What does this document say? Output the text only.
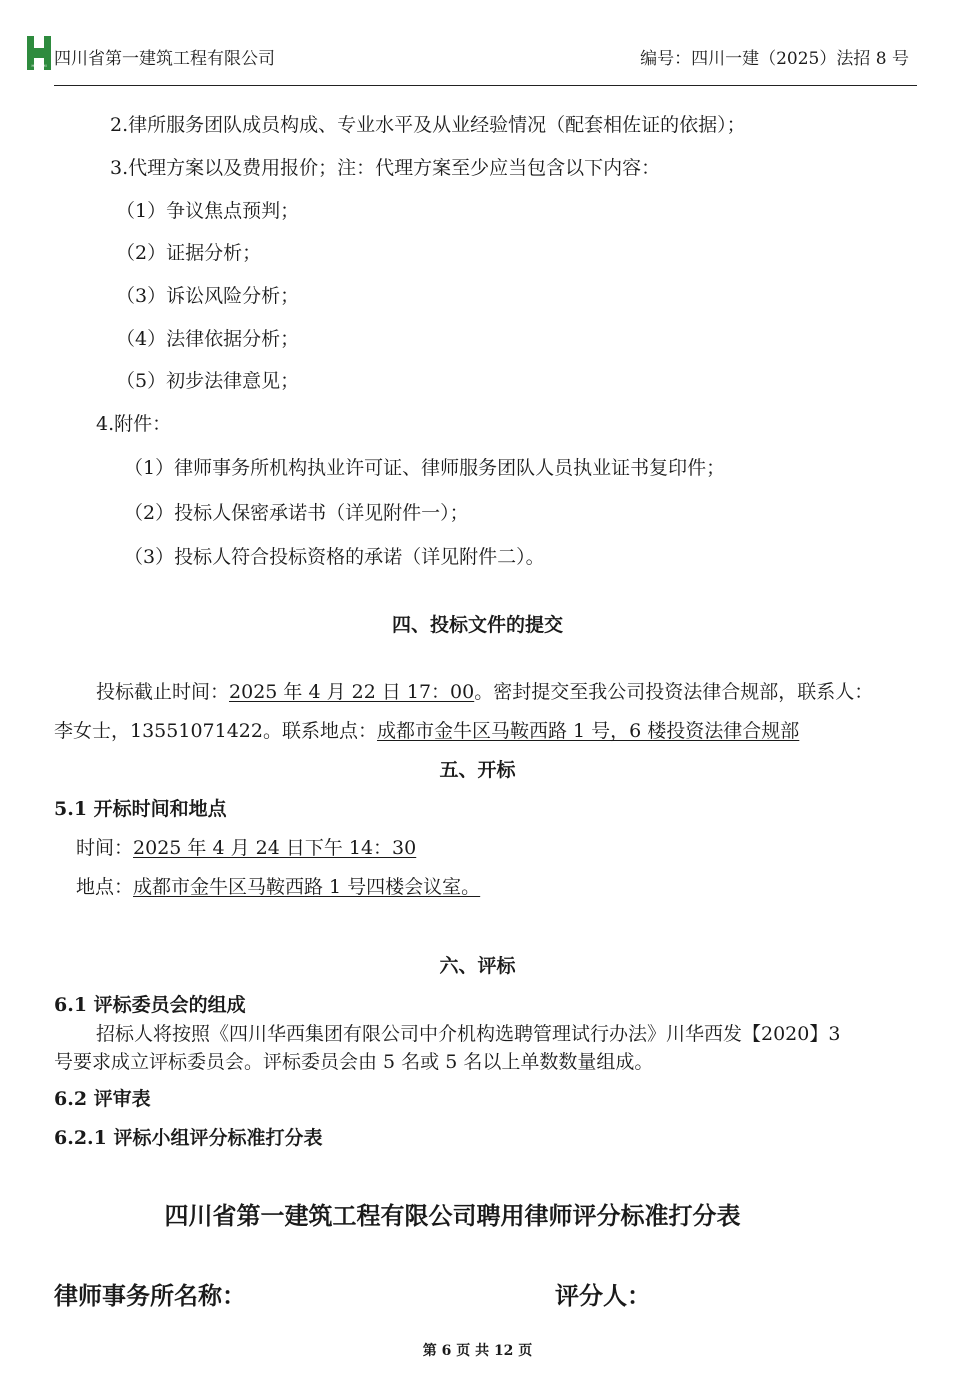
HUASHI 四川省第一建筑工程有限公司	编号：四川一建（2025）法招 8 号
2.律所服务团队成员构成、专业水平及从业经验情况（配套相佐证的依据）；
3.代理方案以及费用报价；注：代理方案至少应当包含以下内容：
（1）争议焦点预判；
（2）证据分析；
（3）诉讼风险分析；
（4）法律依据分析；
（5）初步法律意见；
4.附件：
（1）律师事务所机构执业许可证、律师服务团队人员执业证书复印件；
（2）投标人保密承诺书（详见附件一）；
（3）投标人符合投标资格的承诺（详见附件二）。
四、投标文件的提交
投标截止时间：2025 年 4 月 22 日 17：00。密封提交至我公司投资法律合规部，联系人：
李女士，13551071422。联系地点：成都市金牛区马鞍西路 1 号，6 楼投资法律合规部
五、开标
5.1 开标时间和地点
时间：2025 年 4 月 24 日下午 14：30
地点：成都市金牛区马鞍西路 1 号四楼会议室。
六、评标
6.1 评标委员会的组成
招标人将按照《四川华西集团有限公司中介机构选聘管理试行办法》川华西发【2020】3
号要求成立评标委员会。评标委员会由 5 名或 5 名以上单数数量组成。
6.2 评审表
6.2.1 评标小组评分标准打分表
四川省第一建筑工程有限公司聘用律师评分标准打分表
律师事务所名称：	评分人：
第 6 页 共 12 页
